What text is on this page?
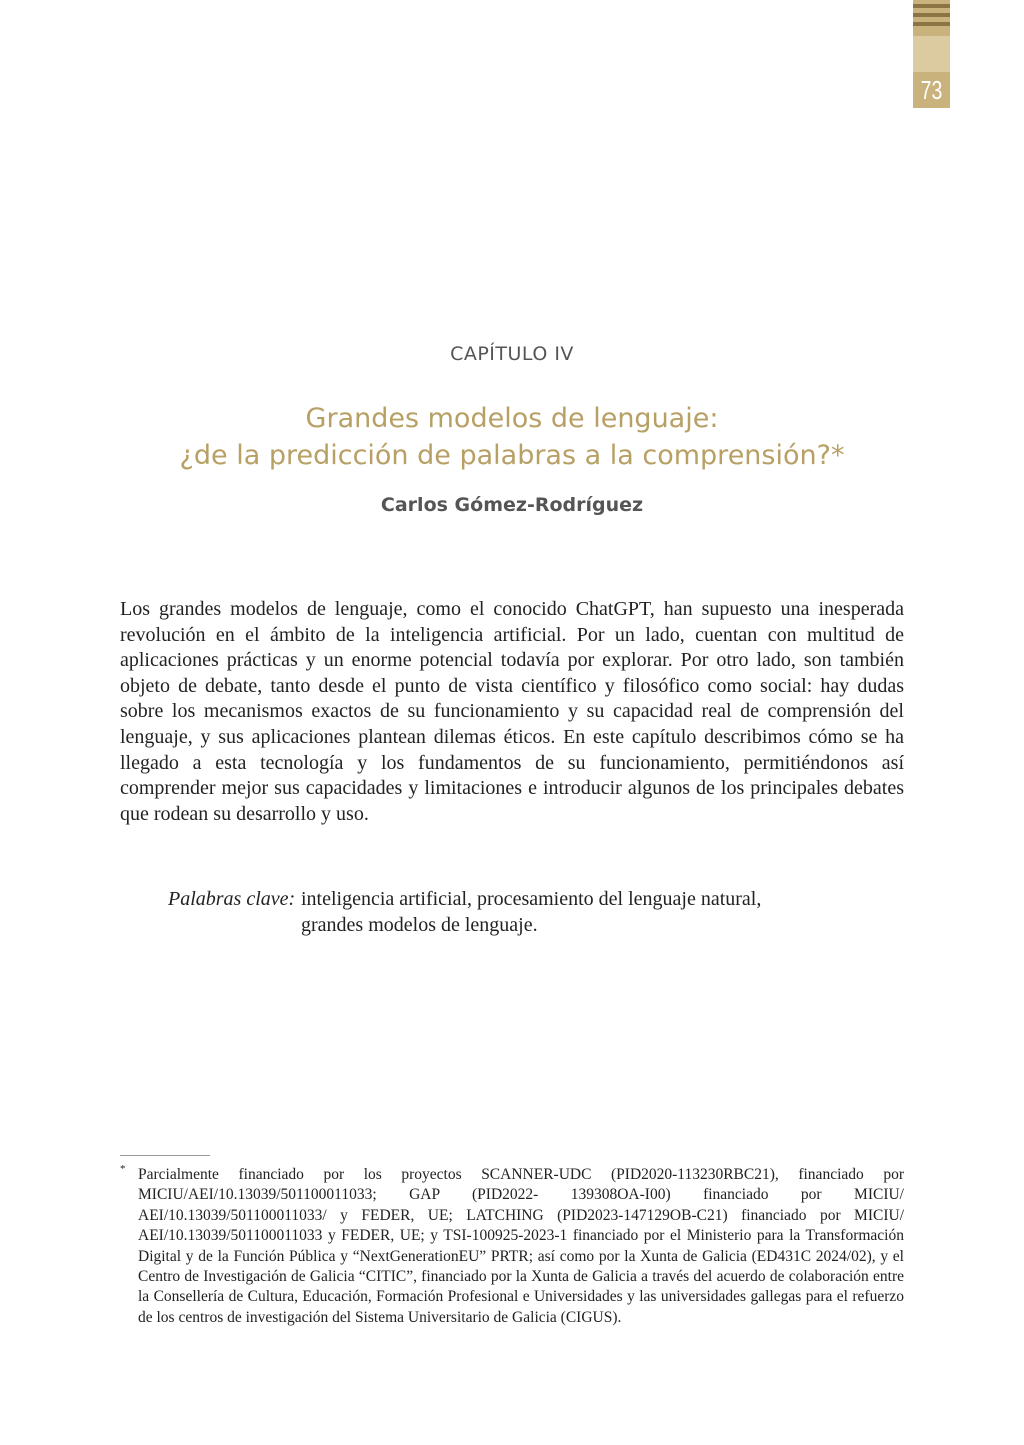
73
CAPÍTULO IV
Grandes modelos de lenguaje:
¿de la predicción de palabras a la comprensión?*
Carlos Gómez-Rodríguez
Los grandes modelos de lenguaje, como el conocido ChatGPT, han supuesto una inesperada revolución en el ámbito de la inteligencia artificial. Por un lado, cuentan con multitud de aplicaciones prácticas y un enorme potencial todavía por explorar. Por otro lado, son también objeto de debate, tanto desde el punto de vista científico y filosófico como social: hay dudas sobre los mecanismos exactos de su funcionamiento y su capacidad real de comprensión del lenguaje, y sus aplicaciones plantean dilemas éticos. En este capítulo describimos cómo se ha llegado a esta tecnología y los fundamentos de su funcionamiento, permitiéndonos así comprender mejor sus capacidades y limitaciones e introducir algunos de los principales debates que rodean su desarrollo y uso.
Palabras clave: inteligencia artificial, procesamiento del lenguaje natural,
grandes modelos de lenguaje.
* Parcialmente financiado por los proyectos SCANNER-UDC (PID2020-113230RBC21), financiado por MICIU/AEI/10.13039/501100011033; GAP (PID2022- 139308OA-I00) financiado por MICIU/ AEI/10.13039/501100011033/ y FEDER, UE; LATCHING (PID2023-147129OB-C21) financiado por MICIU/ AEI/10.13039/501100011033 y FEDER, UE; y TSI-100925-2023-1 financiado por el Ministerio para la Transformación Digital y de la Función Pública y “NextGenerationEU” PRTR; así como por la Xunta de Galicia (ED431C 2024/02), y el Centro de Investigación de Galicia “CITIC”, financiado por la Xunta de Galicia a través del acuerdo de colaboración entre la Consellería de Cultura, Educación, Formación Profesional e Universidades y las universidades gallegas para el refuerzo de los centros de investigación del Sistema Universitario de Galicia (CIGUS).
